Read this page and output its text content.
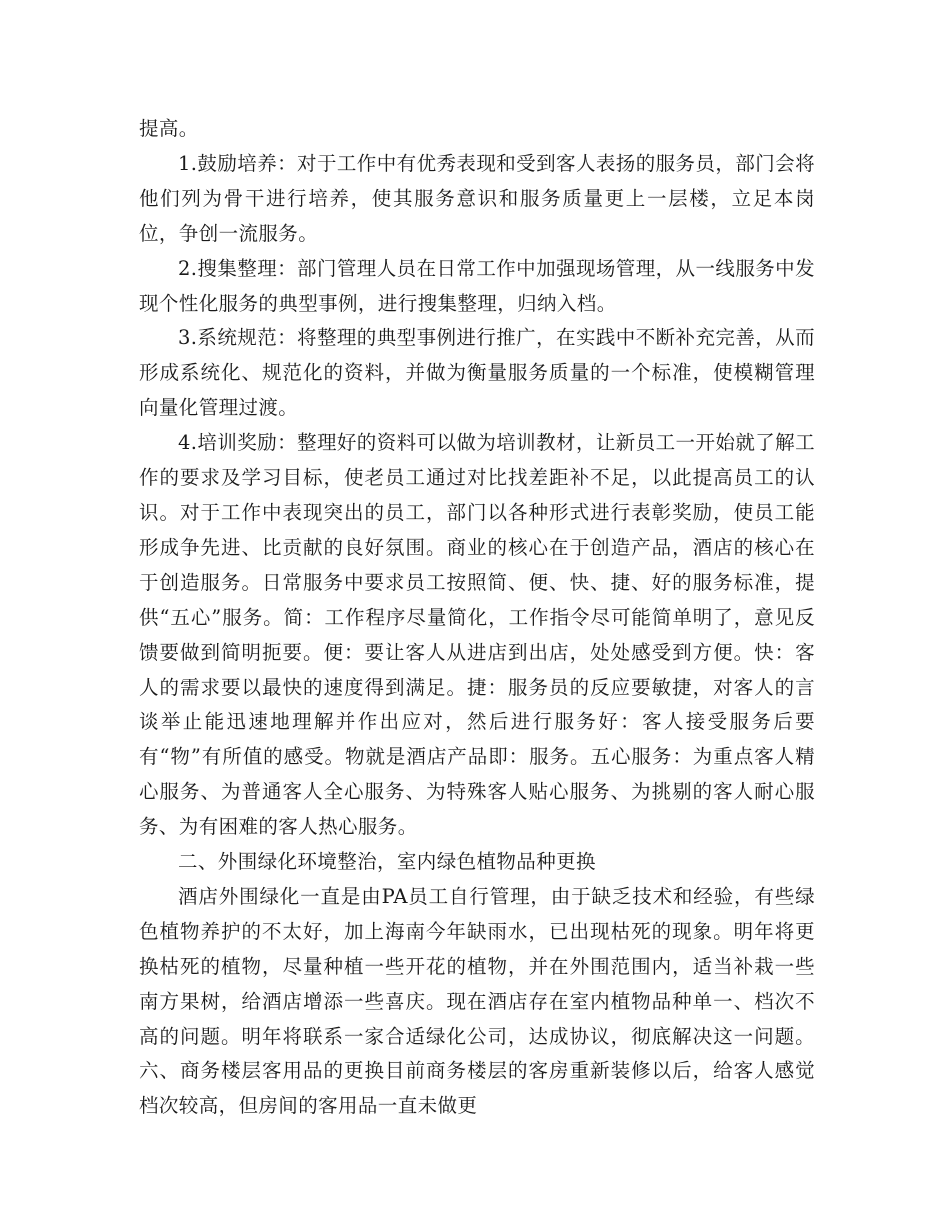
提高。

1.鼓励培养：对于工作中有优秀表现和受到客人表扬的服务员，部门会将他们列为骨干进行培养，使其服务意识和服务质量更上一层楼，立足本岗位，争创一流服务。

2.搜集整理：部门管理人员在日常工作中加强现场管理，从一线服务中发现个性化服务的典型事例，进行搜集整理，归纳入档。

3.系统规范：将整理的典型事例进行推广，在实践中不断补充完善，从而形成系统化、规范化的资料，并做为衡量服务质量的一个标准，使模糊管理向量化管理过渡。

4.培训奖励：整理好的资料可以做为培训教材，让新员工一开始就了解工作的要求及学习目标，使老员工通过对比找差距补不足，以此提高员工的认识。对于工作中表现突出的员工，部门以各种形式进行表彰奖励，使员工能形成争先进、比贡献的良好氛围。商业的核心在于创造产品，酒店的核心在于创造服务。日常服务中要求员工按照简、便、快、捷、好的服务标准，提供“五心”服务。简：工作程序尽量简化，工作指令尽可能简单明了，意见反馈要做到简明扼要。便：要让客人从进店到出店，处处感受到方便。快：客人的需求要以最快的速度得到满足。捷：服务员的反应要敏捷，对客人的言谈举止能迅速地理解并作出应对，然后进行服务好：客人接受服务后要有“物”有所值的感受。物就是酒店产品即：服务。五心服务：为重点客人精心服务、为普通客人全心服务、为特殊客人贴心服务、为挑剔的客人耐心服务、为有困难的客人热心服务。

二、外围绿化环境整治，室内绿色植物品种更换

酒店外围绿化一直是由PA员工自行管理，由于缺乏技术和经验，有些绿色植物养护的不太好，加上海南今年缺雨水，已出现枯死的现象。明年将更换枯死的植物，尽量种植一些开花的植物，并在外围范围内，适当补栽一些南方果树，给酒店增添一些喜庆。现在酒店存在室内植物品种单一、档次不高的问题。明年将联系一家合适绿化公司，达成协议，彻底解决这一问题。六、商务楼层客用品的更换目前商务楼层的客房重新装修以后，给客人感觉档次较高，但房间的客用品一直未做更
